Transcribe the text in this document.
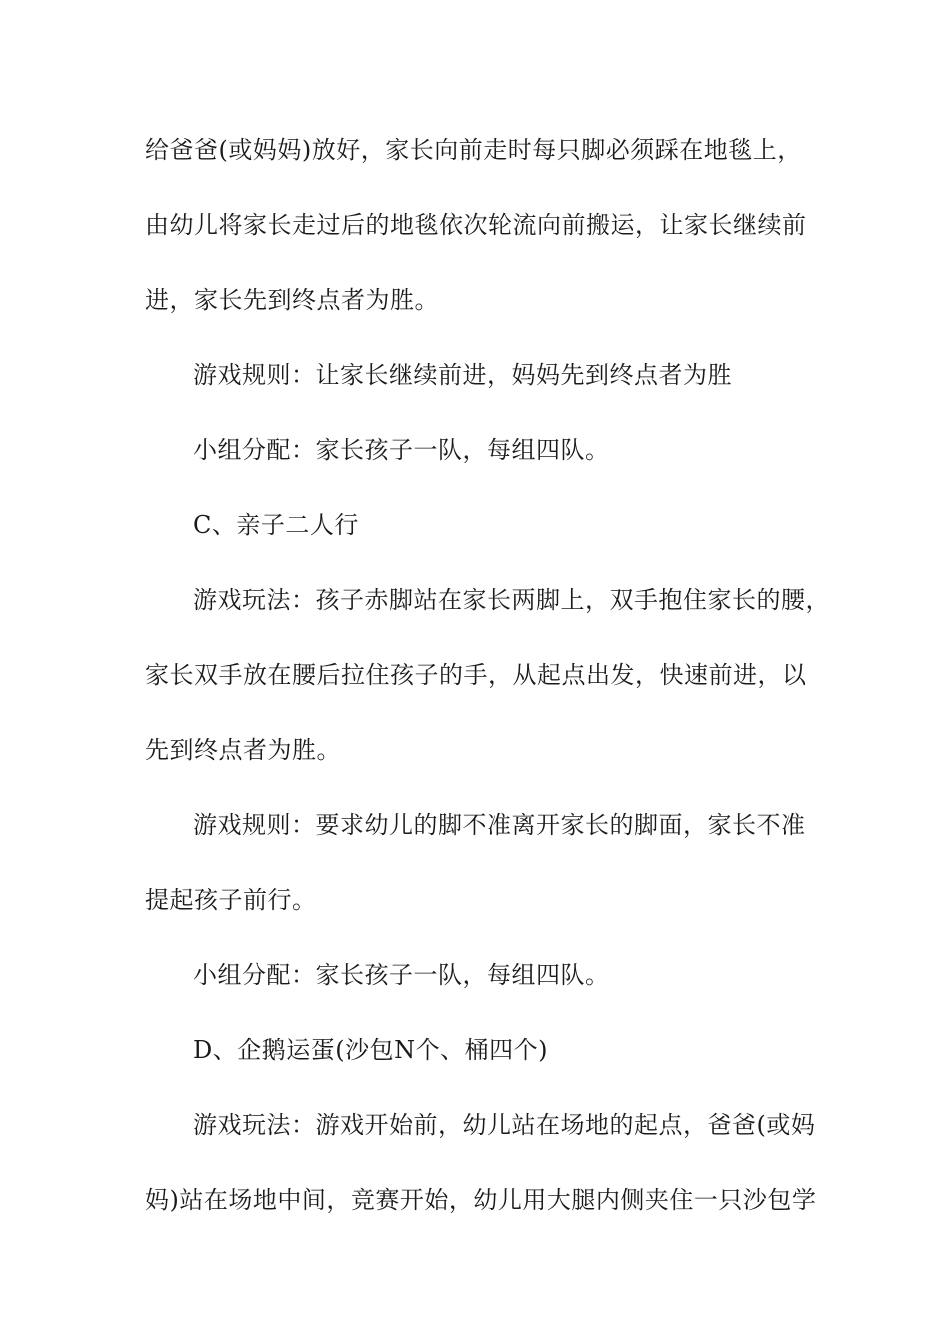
给爸爸(或妈妈)放好，家长向前走时每只脚必须踩在地毯上，
由幼儿将家长走过后的地毯依次轮流向前搬运，让家长继续前
进，家长先到终点者为胜。
游戏规则：让家长继续前进，妈妈先到终点者为胜
小组分配：家长孩子一队，每组四队。
C、亲子二人行
游戏玩法：孩子赤脚站在家长两脚上，双手抱住家长的腰，
家长双手放在腰后拉住孩子的手，从起点出发，快速前进，以
先到终点者为胜。
游戏规则：要求幼儿的脚不准离开家长的脚面，家长不准
提起孩子前行。
小组分配：家长孩子一队，每组四队。
D、企鹅运蛋(沙包N个、桶四个)
游戏玩法：游戏开始前，幼儿站在场地的起点，爸爸(或妈
妈)站在场地中间，竞赛开始，幼儿用大腿内侧夹住一只沙包学
